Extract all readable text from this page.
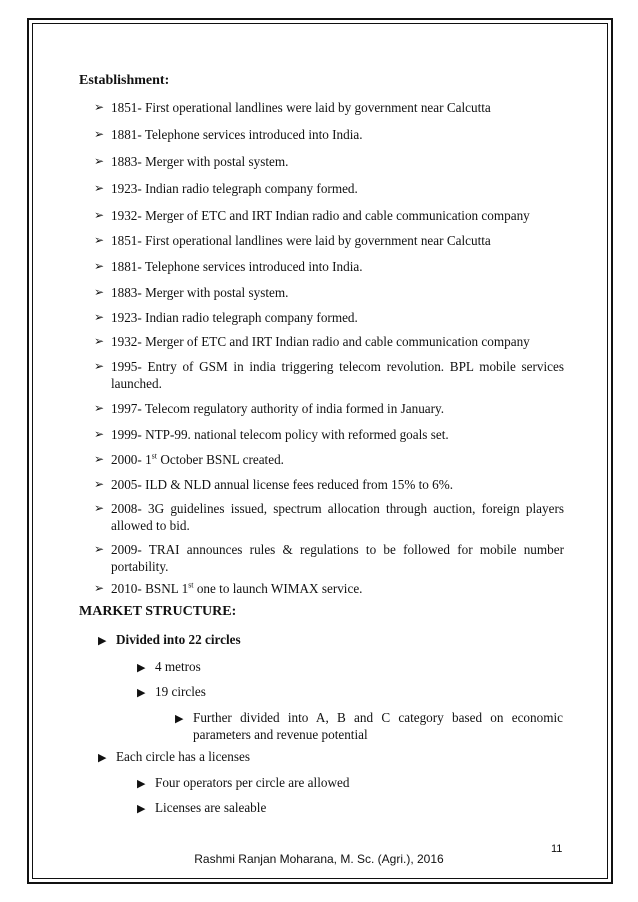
Establishment:
➢ 1851- First operational landlines were laid by government near Calcutta
➢ 1881- Telephone services introduced into India.
➢ 1883- Merger with postal system.
➢ 1923- Indian radio telegraph company formed.
➢ 1932- Merger of ETC and IRT Indian radio and cable communication company
➢ 1851- First operational landlines were laid by government near Calcutta
➢ 1881- Telephone services introduced into India.
➢ 1883- Merger with postal system.
➢ 1923- Indian radio telegraph company formed.
➢ 1932- Merger of ETC and IRT Indian radio and cable communication company
➢ 1995- Entry of GSM in india triggering telecom revolution. BPL mobile services launched.
➢ 1997- Telecom regulatory authority of india formed in January.
➢ 1999- NTP-99. national telecom policy with reformed goals set.
➢ 2000- 1st October BSNL created.
➢ 2005- ILD & NLD annual license fees reduced from 15% to 6%.
➢ 2008- 3G guidelines issued, spectrum allocation through auction, foreign players allowed to bid.
➢ 2009- TRAI announces rules & regulations to be followed for mobile number portability.
➢ 2010- BSNL 1st one to launch WIMAX service.
MARKET STRUCTURE:
▶ Divided into 22 circles
▶ 4 metros
▶ 19 circles
▶ Further divided into A, B and C category based on economic parameters and revenue potential
▶ Each circle has a licenses
▶ Four operators per circle are allowed
▶ Licenses are saleable
11
Rashmi Ranjan Moharana, M. Sc. (Agri.), 2016
